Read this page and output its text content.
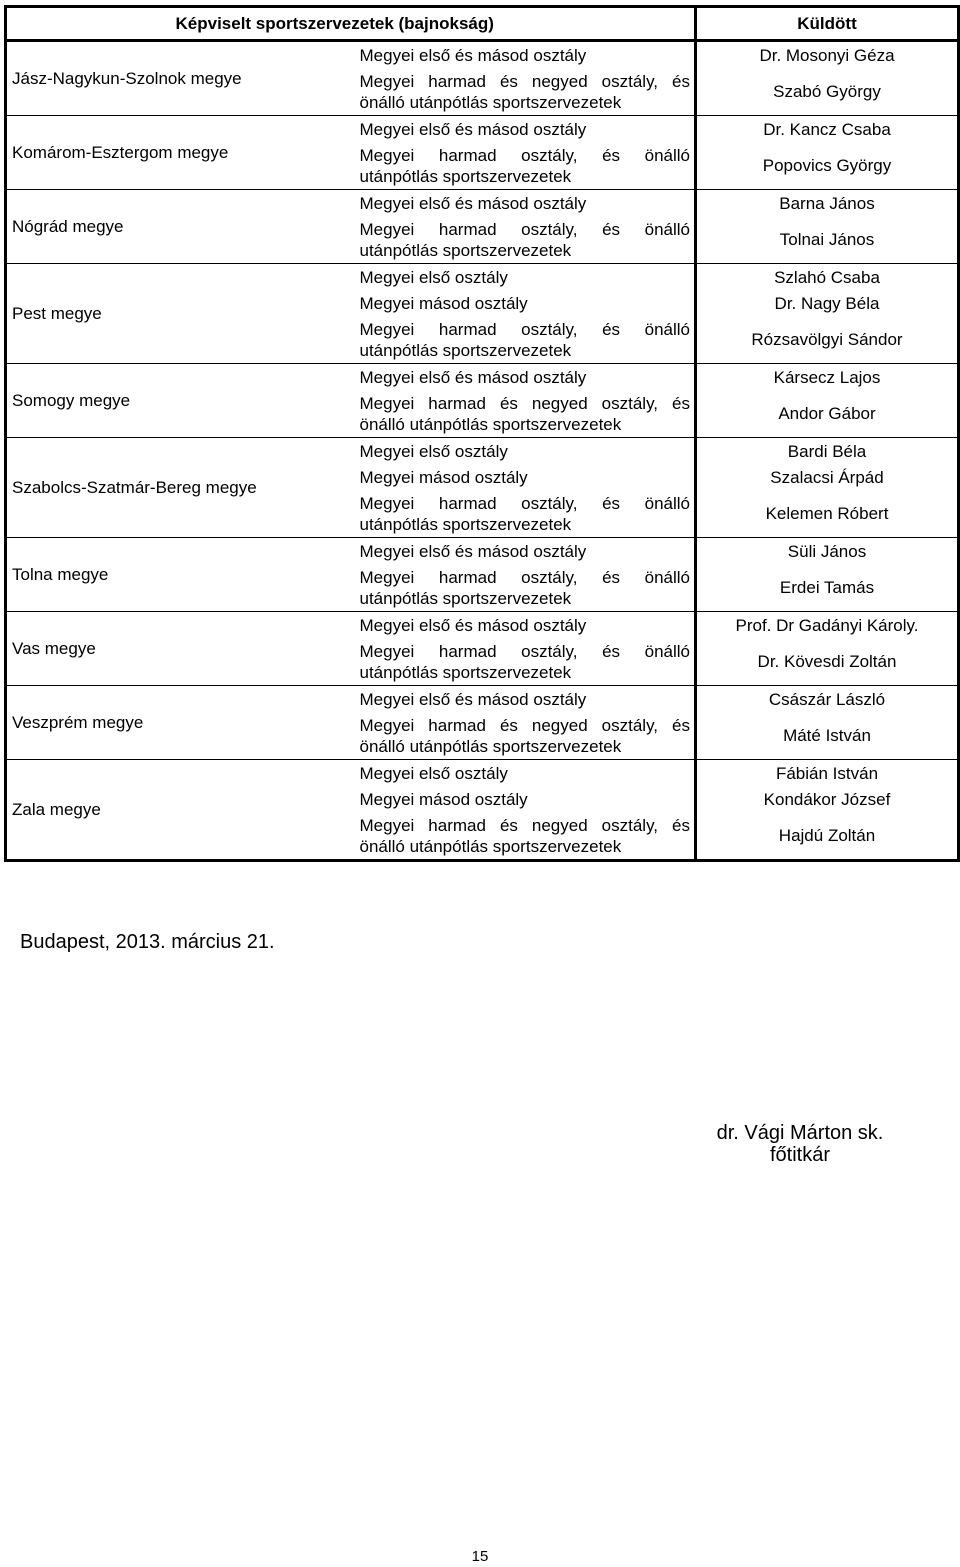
	Képviselt sportszervezetek (bajnokság)	Küldött
Jász-Nagykun-Szolnok megye	Megyei első és másod osztály	Dr. Mosonyi Géza

	Megyei harmad és negyed osztály, és önálló utánpótlás sportszervezetek	Szabó György
Komárom-Esztergom megye	Megyei első és másod osztály	Dr. Kancz Csaba

	Megyei harmad osztály, és önálló utánpótlás sportszervezetek	Popovics György
Nógrád megye	Megyei első és másod osztály	Barna János

	Megyei harmad osztály, és önálló utánpótlás sportszervezetek	Tolnai János
Pest megye	Megyei első osztály	Szlahó Csaba

	Megyei másod osztály	Dr. Nagy Béla

	Megyei harmad osztály, és önálló utánpótlás sportszervezetek	Rózsavölgyi Sándor
Somogy megye	Megyei első és másod osztály	Kársecz Lajos

	Megyei harmad és negyed osztály, és önálló utánpótlás sportszervezetek	Andor Gábor
Szabolcs-Szatmár-Bereg megye	Megyei első osztály	Bardi Béla

	Megyei másod osztály	Szalacsi Árpád

	Megyei harmad osztály, és önálló utánpótlás sportszervezetek	Kelemen Róbert
Tolna megye	Megyei első és másod osztály	Süli János

	Megyei harmad osztály, és önálló utánpótlás sportszervezetek	Erdei Tamás
Vas megye	Megyei első és másod osztály	Prof. Dr Gadányi Károly.

	Megyei harmad osztály, és önálló utánpótlás sportszervezetek	Dr. Kövesdi Zoltán
Veszprém megye	Megyei első és másod osztály	Császár László

	Megyei harmad és negyed osztály, és önálló utánpótlás sportszervezetek	Máté István
Zala megye	Megyei első osztály	Fábián István

	Megyei másod osztály	Kondákor József

	Megyei harmad és negyed osztály, és önálló utánpótlás sportszervezetek	Hajdú Zoltán
Budapest, 2013. március 21.
dr. Vági Márton sk.
főtitkár
15
